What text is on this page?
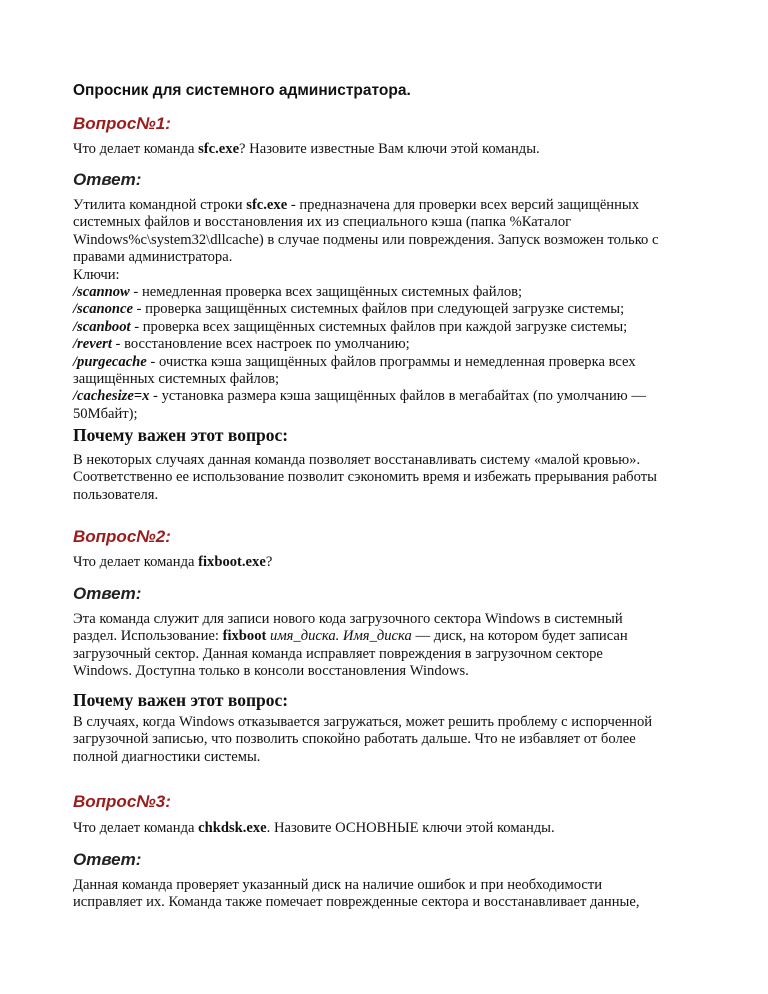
Опросник для системного администратора.
Вопрос№1:
Что делает команда sfc.exe? Назовите известные Вам ключи этой команды.
Ответ:
Утилита командной строки sfc.exe - предназначена для проверки всех версий защищённых
системных файлов и восстановления их из специального кэша (папка %Каталог
Windows%c\system32\dllcache) в случае подмены или повреждения. Запуск возможен только с
правами администратора.
Ключи:
/scannow - немедленная проверка всех защищённых системных файлов;
/scanonce - проверка защищённых системных файлов при следующей загрузке системы;
/scanboot - проверка всех защищённых системных файлов при каждой загрузке системы;
/revert - восстановление всех настроек по умолчанию;
/purgecache - очистка кэша защищённых файлов программы и немедленная проверка всех
защищённых системных файлов;
/cachesize=x - установка размера кэша защищённых файлов в мегабайтах (по умолчанию —
50Мбайт);
Почему важен этот вопрос:
В некоторых случаях данная команда позволяет восстанавливать систему «малой кровью».
Соответственно ее использование позволит сэкономить время и избежать прерывания работы
пользователя.
Вопрос№2:
Что делает команда fixboot.exe?
Ответ:
Эта команда служит для записи нового кода загрузочного сектора Windows в системный
раздел. Использование: fixboot имя_диска. Имя_диска — диск, на котором будет записан
загрузочный сектор. Данная команда исправляет повреждения в загрузочном секторе
Windows. Доступна только в консоли восстановления Windows.
Почему важен этот вопрос:
В случаях, когда Windows отказывается загружаться, может решить проблему с испорченной
загрузочной записью, что позволить спокойно работать дальше. Что не избавляет от более
полной диагностики системы.
Вопрос№3:
Что делает команда chkdsk.exe. Назовите ОСНОВНЫЕ ключи этой команды.
Ответ:
Данная команда проверяет указанный диск на наличие ошибок и при необходимости
исправляет их. Команда также помечает поврежденные сектора и восстанавливает данные,
